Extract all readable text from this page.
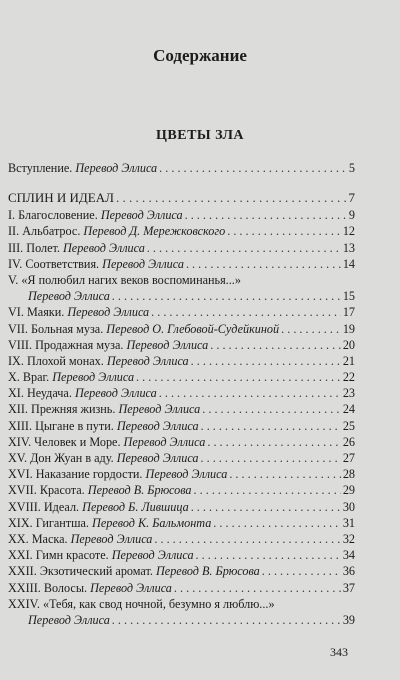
Содержание
ЦВЕТЫ ЗЛА
Вступление. Перевод Эллиса . . .	5
СПЛИН И ИДЕАЛ . . .	7
I. Благословение. Перевод Эллиса . . .	9
II. Альбатрос. Перевод Д. Мережковского . . .	12
III. Полет. Перевод Эллиса . . .	13
IV. Соответствия. Перевод Эллиса . . .	14
V. «Я полюбил нагих веков воспоминанья...»
Перевод Эллиса . . .	15
VI. Маяки. Перевод Эллиса . . .	17
VII. Больная муза. Перевод О. Глебовой-Судейкиной . . .	19
VIII. Продажная муза. Перевод Эллиса . . .	20
IX. Плохой монах. Перевод Эллиса . . .	21
X. Враг. Перевод Эллиса . . .	22
XI. Неудача. Перевод Эллиса . . .	23
XII. Прежняя жизнь. Перевод Эллиса . . .	24
XIII. Цыгане в пути. Перевод Эллиса . . .	25
XIV. Человек и Море. Перевод Эллиса . . .	26
XV. Дон Жуан в аду. Перевод Эллиса . . .	27
XVI. Наказание гордости. Перевод Эллиса . . .	28
XVII. Красота. Перевод В. Брюсова . . .	29
XVIII. Идеал. Перевод Б. Лившица . . .	30
XIX. Гигантша. Перевод К. Бальмонта . . .	31
XX. Маска. Перевод Эллиса . . .	32
XXI. Гимн красоте. Перевод Эллиса . . .	34
XXII. Экзотический аромат. Перевод В. Брюсова . . .	36
XXIII. Волосы. Перевод Эллиса . . .	37
XXIV. «Тебя, как свод ночной, безумно я люблю...»
Перевод Эллиса . . .	39
343
